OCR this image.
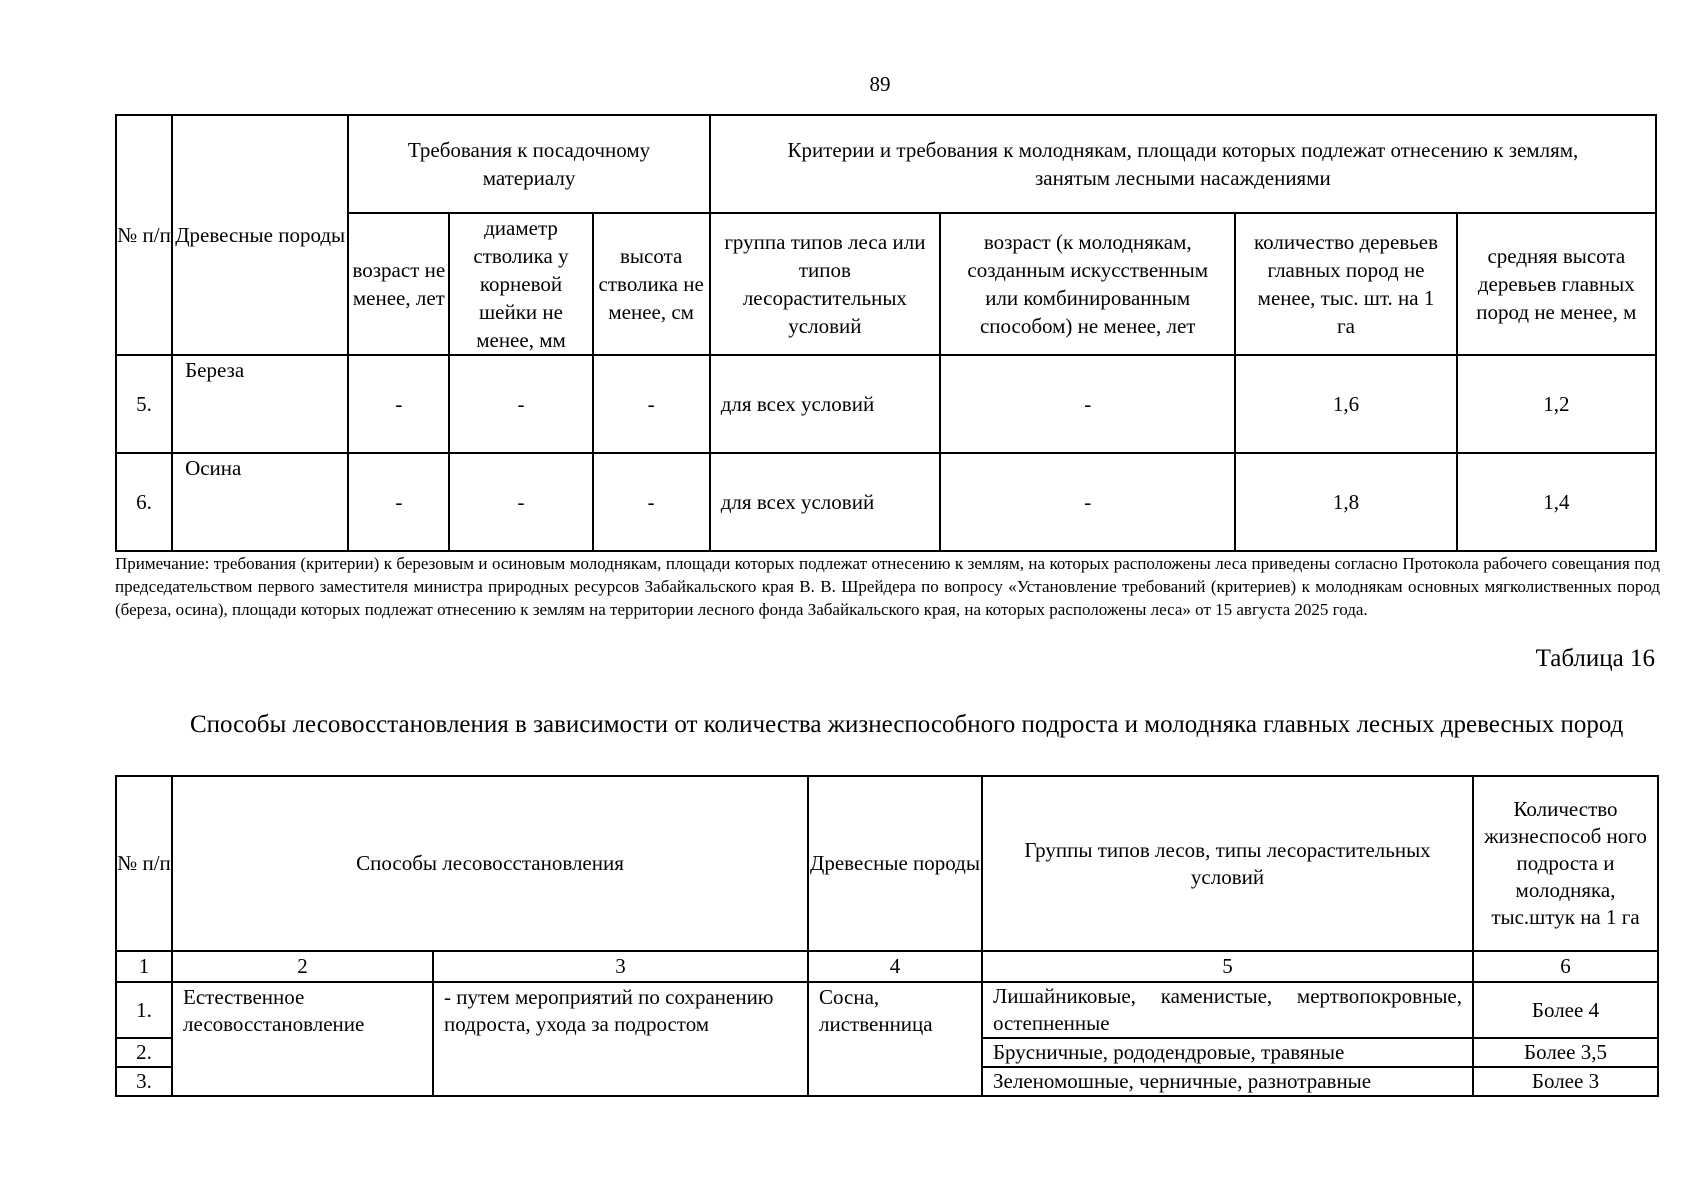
89
№ п/п	Древесные породы	Требования к посадочному материалу			Критерии и требования к молоднякам, площади которых подлежат отнесению к землям, занятым лесными насаждениями			
		возраст не менее, лет	диаметр стволика у корневой шейки не менее, мм	высота стволика не менее, см	группа типов леса или типов лесорастительных условий	возраст (к молоднякам, созданным искусственным или комбинированным способом) не менее, лет	количество деревьев главных пород не менее, тыс. шт. на 1 га	средняя высота деревьев главных пород не менее, м
5.	Береза	-	-	-	для всех условий	-	1,6	1,2
6.	Осина	-	-	-	для всех условий	-	1,8	1,4
Примечание: требования (критерии) к березовым и осиновым молоднякам, площади которых подлежат отнесению к землям, на которых расположены леса приведены согласно Протокола рабочего совещания под председательством первого заместителя министра природных ресурсов Забайкальского края В. В. Шрейдера по вопросу «Установление требований (критериев) к молоднякам основных мягколиственных пород (береза, осина), площади которых подлежат отнесению к землям на территории лесного фонда Забайкальского края, на которых расположены леса» от 15 августа 2025 года.
Таблица 16
Способы лесовосстановления в зависимости от количества жизнеспособного подроста и молодняка главных лесных древесных пород
№ п/п	Способы лесовосстановления		Древесные породы	Группы типов лесов, типы лесорастительных условий	Количество жизнеспособ ного подроста и молодняка, тыс.штук на 1 га
1	2	3	4	5	6
1.	Естественное лесовосстановление	- путем мероприятий по сохранению подроста, ухода за подростом	Сосна, лиственница	Лишайниковые, каменистые, мертвопокровные, остепненные	Более 4
2.				Брусничные, рододендровые, травяные	Более 3,5
3.				Зеленомошные, черничные, разнотравные	Более 3
